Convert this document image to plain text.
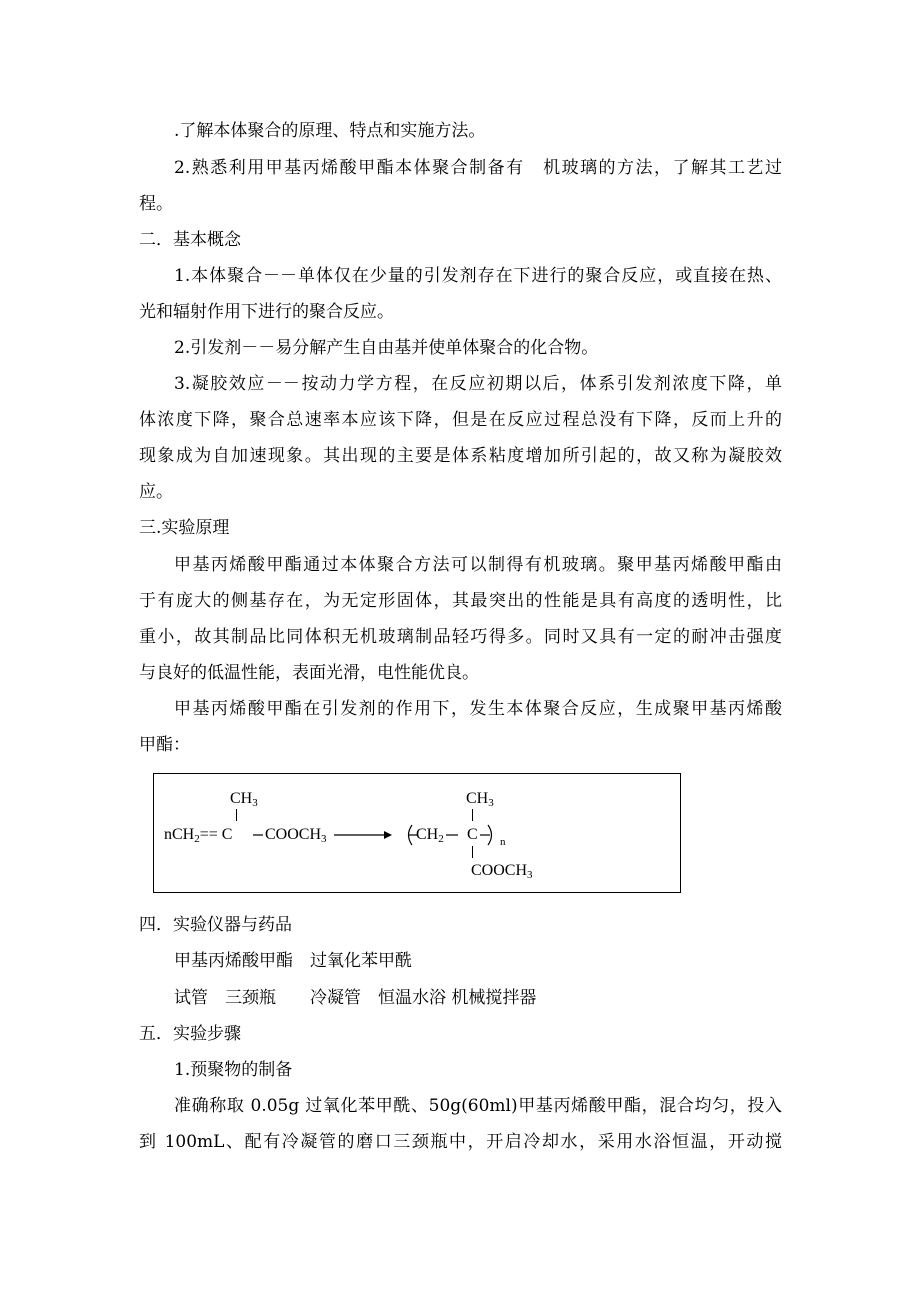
.了解本体聚合的原理、特点和实施方法。
2.熟悉利用甲基丙烯酸甲酯本体聚合制备有　机玻璃的方法，了解其工艺过
程。
二．基本概念
1.本体聚合－－单体仅在少量的引发剂存在下进行的聚合反应，或直接在热、
光和辐射作用下进行的聚合反应。
2.引发剂－－易分解产生自由基并使单体聚合的化合物。
3.凝胶效应－－按动力学方程，在反应初期以后，体系引发剂浓度下降，单
体浓度下降，聚合总速率本应该下降，但是在反应过程总没有下降，反而上升的
现象成为自加速现象。其出现的主要是体系粘度增加所引起的，故又称为凝胶效
应。
三.实验原理
甲基丙烯酸甲酯通过本体聚合方法可以制得有机玻璃。聚甲基丙烯酸甲酯由
于有庞大的侧基存在，为无定形固体，其最突出的性能是具有高度的透明性，比
重小，故其制品比同体积无机玻璃制品轻巧得多。同时又具有一定的耐冲击强度
与良好的低温性能，表面光滑，电性能优良。
甲基丙烯酸甲酯在引发剂的作用下，发生本体聚合反应，生成聚甲基丙烯酸
甲酯：
$CH_3$
nCH$_2$== C $COOCH_3$ →
$CH_3$
$CH_2$ C n
$COOCH_3$
四．实验仪器与药品
甲基丙烯酸甲酯　过氧化苯甲酰
试管　三颈瓶　　冷凝管　恒温水浴 机械搅拌器
五．实验步骤
1.预聚物的制备
准确称取 0.05g 过氧化苯甲酰、50g(60ml)甲基丙烯酸甲酯，混合均匀，投入
到 100mL、配有冷凝管的磨口三颈瓶中，开启冷却水，采用水浴恒温，开动搅
